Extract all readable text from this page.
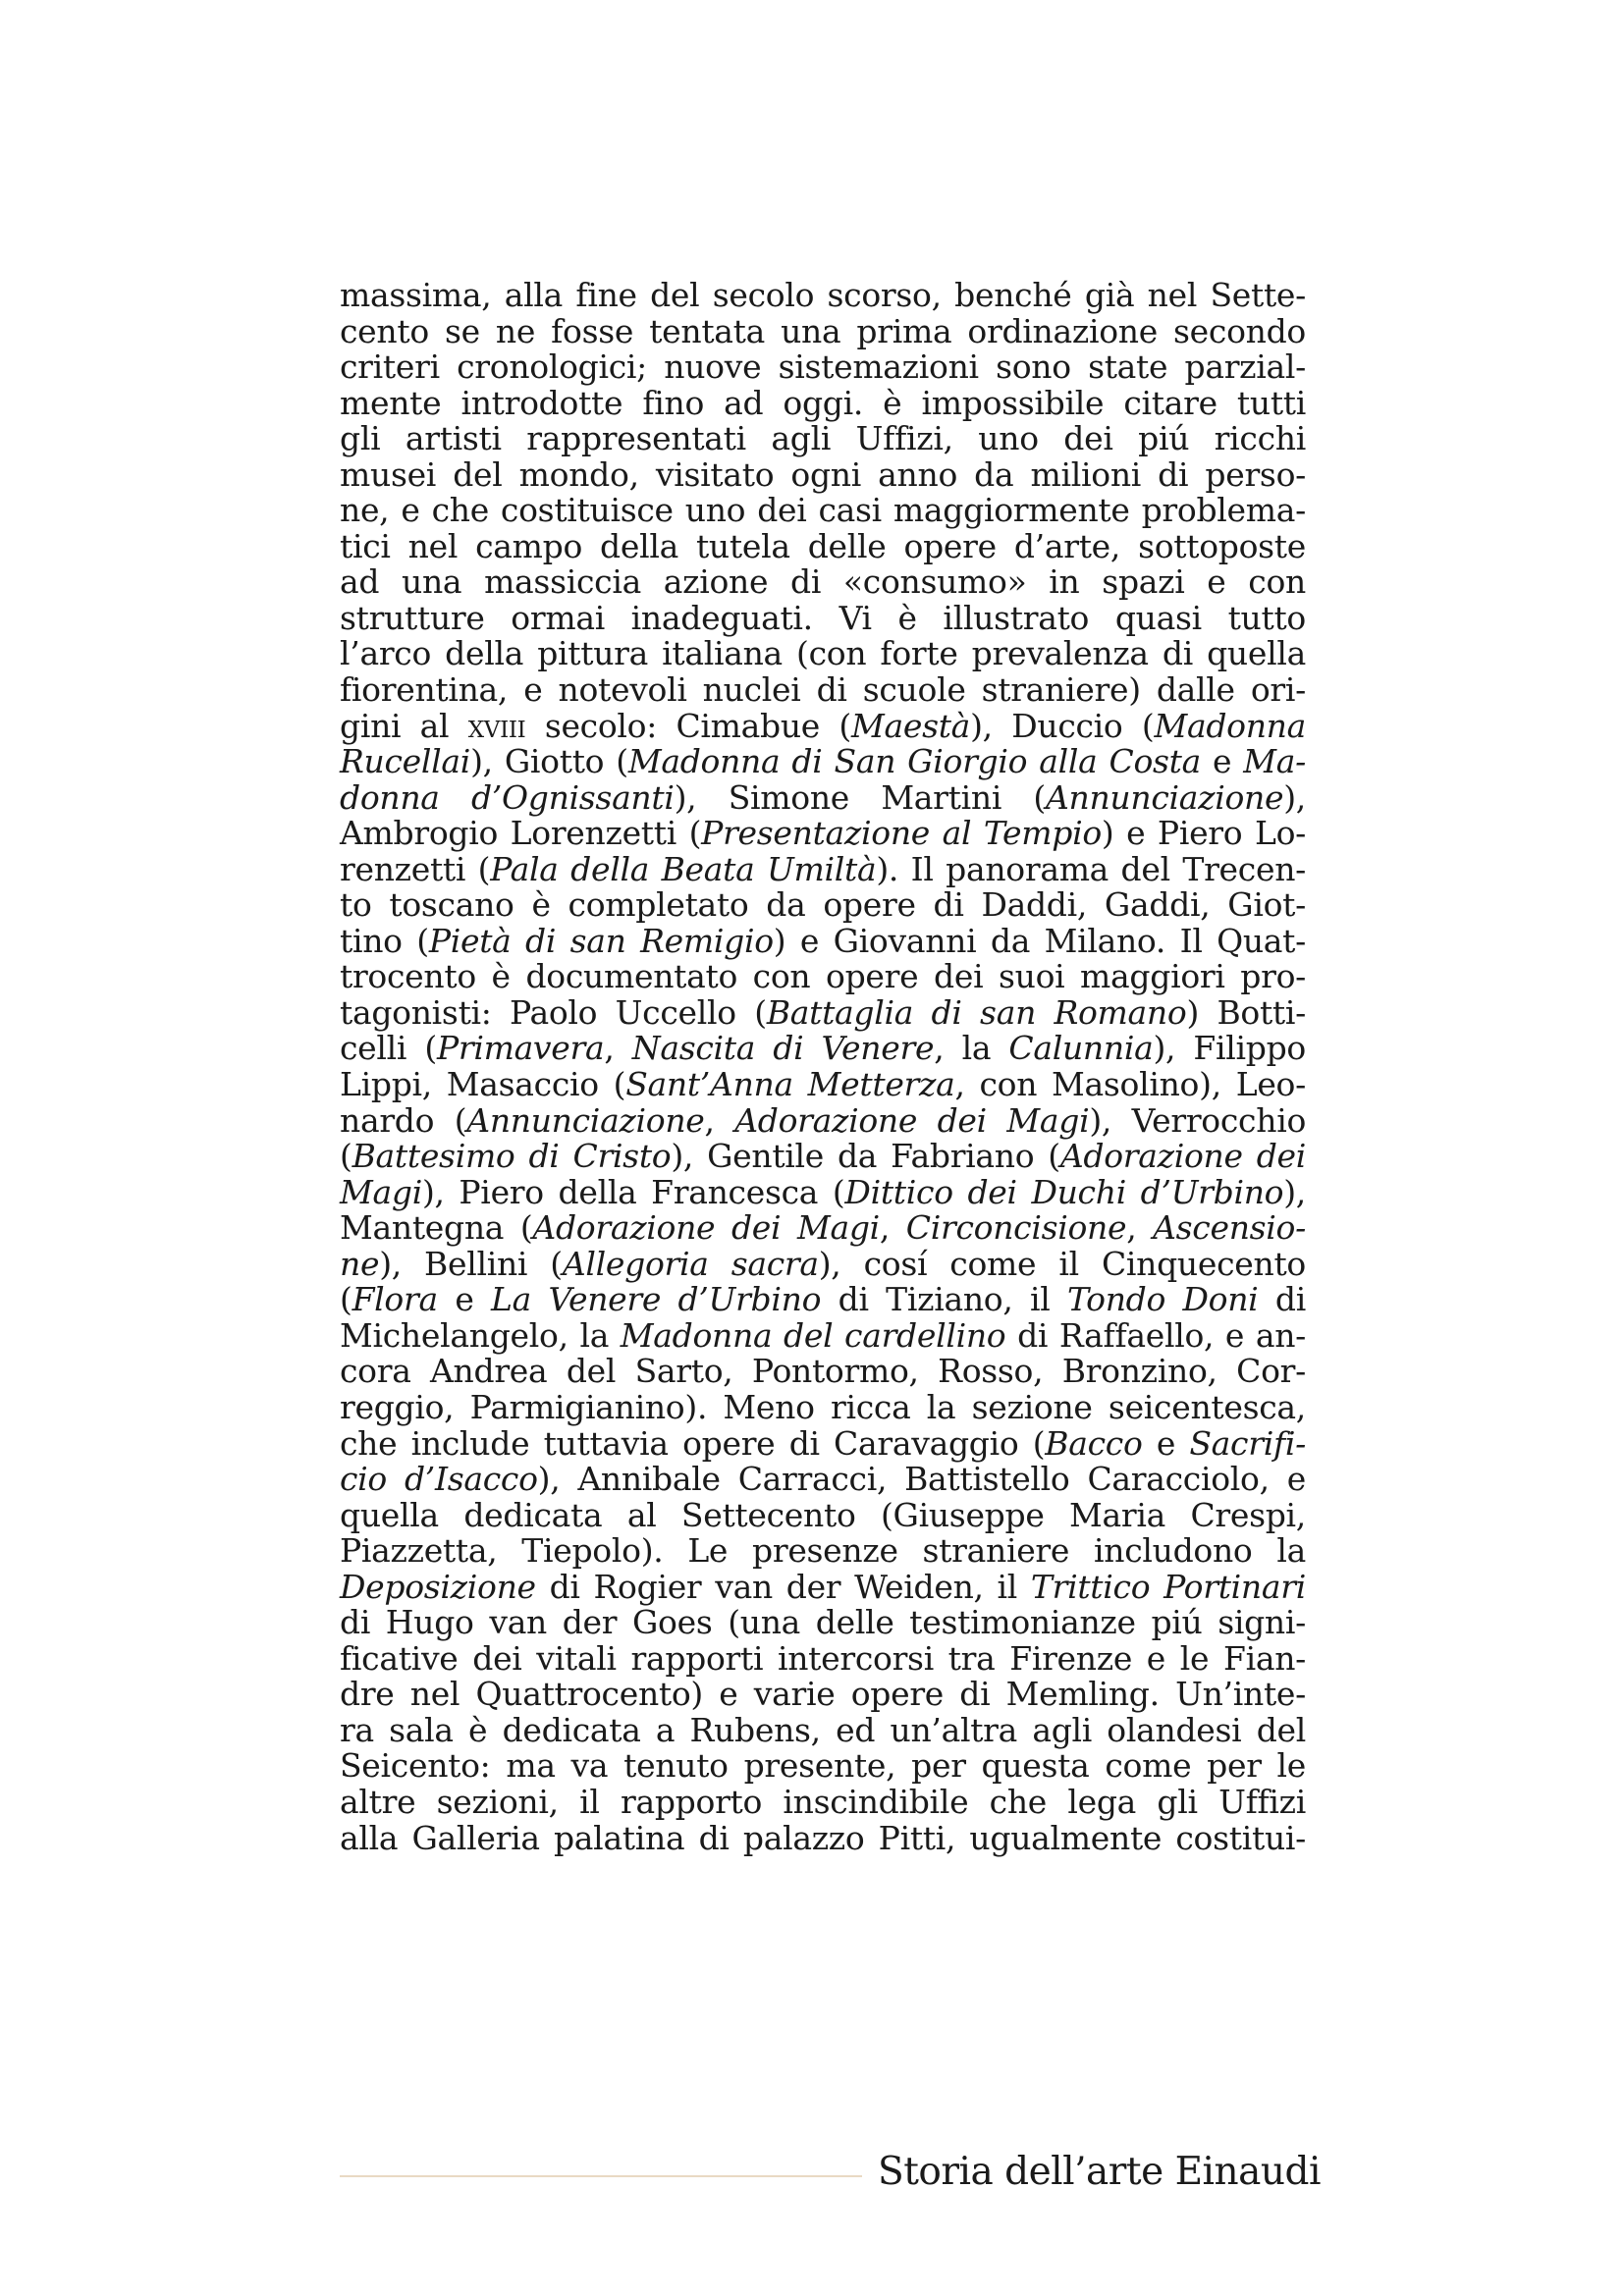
massima, alla fine del secolo scorso, benché già nel Sette-
cento se ne fosse tentata una prima ordinazione secondo
criteri cronologici; nuove sistemazioni sono state parzial-
mente introdotte fino ad oggi. è impossibile citare tutti
gli artisti rappresentati agli Uffizi, uno dei piú ricchi
musei del mondo, visitato ogni anno da milioni di perso-
ne, e che costituisce uno dei casi maggiormente problema-
tici nel campo della tutela delle opere d’arte, sottoposte
ad una massiccia azione di «consumo» in spazi e con
strutture ormai inadeguati. Vi è illustrato quasi tutto
l’arco della pittura italiana (con forte prevalenza di quella
fiorentina, e notevoli nuclei di scuole straniere) dalle ori-
gini al xviii secolo: Cimabue (Maestà), Duccio (Madonna
Rucellai), Giotto (Madonna di San Giorgio alla Costa e Ma-
donna d’Ognissanti), Simone Martini (Annunciazione),
Ambrogio Lorenzetti (Presentazione al Tempio) e Piero Lo-
renzetti (Pala della Beata Umiltà). Il panorama del Trecen-
to toscano è completato da opere di Daddi, Gaddi, Giot-
tino (Pietà di san Remigio) e Giovanni da Milano. Il Quat-
trocento è documentato con opere dei suoi maggiori pro-
tagonisti: Paolo Uccello (Battaglia di san Romano) Botti-
celli (Primavera, Nascita di Venere, la Calunnia), Filippo
Lippi, Masaccio (Sant’Anna Metterza, con Masolino), Leo-
nardo (Annunciazione, Adorazione dei Magi), Verrocchio
(Battesimo di Cristo), Gentile da Fabriano (Adorazione dei
Magi), Piero della Francesca (Dittico dei Duchi d’Urbino),
Mantegna (Adorazione dei Magi, Circoncisione, Ascensio-
ne), Bellini (Allegoria sacra), cosí come il Cinquecento
(Flora e La Venere d’Urbino di Tiziano, il Tondo Doni di
Michelangelo, la Madonna del cardellino di Raffaello, e an-
cora Andrea del Sarto, Pontormo, Rosso, Bronzino, Cor-
reggio, Parmigianino). Meno ricca la sezione seicentesca,
che include tuttavia opere di Caravaggio (Bacco e Sacrifi-
cio d’Isacco), Annibale Carracci, Battistello Caracciolo, e
quella dedicata al Settecento (Giuseppe Maria Crespi,
Piazzetta, Tiepolo). Le presenze straniere includono la
Deposizione di Rogier van der Weiden, il Trittico Portinari
di Hugo van der Goes (una delle testimonianze piú signi-
ficative dei vitali rapporti intercorsi tra Firenze e le Fian-
dre nel Quattrocento) e varie opere di Memling. Un’inte-
ra sala è dedicata a Rubens, ed un’altra agli olandesi del
Seicento: ma va tenuto presente, per questa come per le
altre sezioni, il rapporto inscindibile che lega gli Uffizi
alla Galleria palatina di palazzo Pitti, ugualmente costitui-
Storia dell’arte Einaudi
